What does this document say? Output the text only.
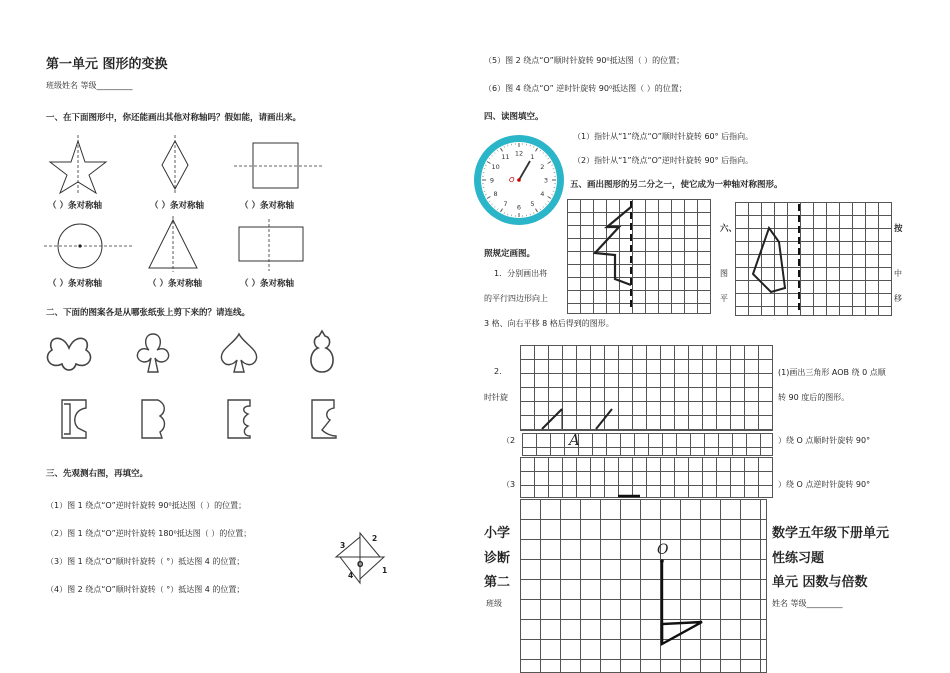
第一单元 图形的变换
班级姓名 等级_________
一、在下面图形中，你还能画出其他对称轴吗？假如能，请画出来。
（ ）条对称轴	（ ）条对称轴	（ ）条对称轴
（ ）条对称轴	（ ）条对称轴	（ ）条对称轴
二、下面的图案各是从哪张纸张上剪下来的？请连线。
三、先观测右图，再填空。
（1）图 1 绕点“O”逆时针旋转 90⁰抵达图（ ）的位置；
（2）图 1 绕点“O”逆时针旋转 180⁰抵达图（ ）的位置；
（3）图 1 绕点“O”顺时针旋转（ °）抵达图 4 的位置；
（4）图 2 绕点“O”顺时针旋转（ °）抵达图 4 的位置；
2
3
O
4
1
（5）图 2 绕点“O”顺时针旋转 90⁰抵达图（ ）的位置；
（6）图 4 绕点“O” 逆时针旋转 90⁰抵达图（ ）的位置；
四、读图填空。
（1）指针从“1”绕点“O”顺时针旋转 60° 后指向。
（2）指针从“1”绕点“O”逆时针旋转 90° 后指向。
12 1
2
3
4
5
6
7
8
9
10
11
O	五、画出图形的另二分之一，使它成为一种轴对称图形。
六、	按
照规定画图。
图	中
平	移
1．分别画出将
的平行四边形向上
3 格、向右平移 8 格后得到的图形。
2.	(1)画出三角形 AOB 绕 0 点顺
时针旋	转 90 度后的图形。
A
（2	）绕 O 点顺时针旋转 90°
（3	）绕 O 点逆时针旋转 90°
O
小学
诊断
第二
班级
数学五年级下册单元
性练习题
单元 因数与倍数
姓名 等级_________
